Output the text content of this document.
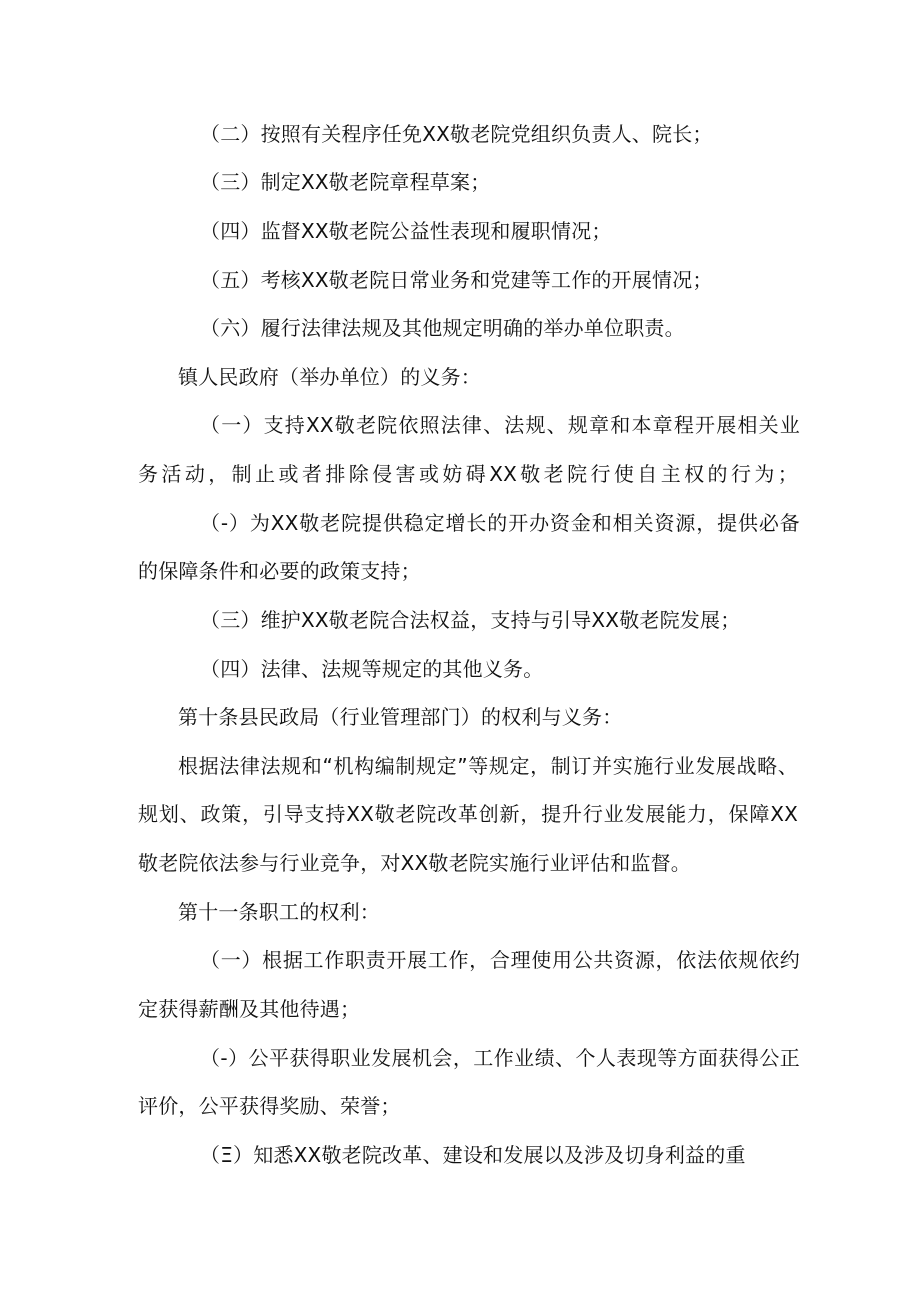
（二）按照有关程序任免XX敬老院党组织负责人、院长；
（三）制定XX敬老院章程草案；
（四）监督XX敬老院公益性表现和履职情况；
（五）考核XX敬老院日常业务和党建等工作的开展情况；
（六）履行法律法规及其他规定明确的举办单位职责。
镇人民政府（举办单位）的义务：
（一）支持XX敬老院依照法律、法规、规章和本章程开展相关业
务活动，制止或者排除侵害或妨碍XX敬老院行使自主权的行为；
（-）为XX敬老院提供稳定增长的开办资金和相关资源，提供必备
的保障条件和必要的政策支持；
（三）维护XX敬老院合法权益，支持与引导XX敬老院发展；
（四）法律、法规等规定的其他义务。
第十条县民政局（行业管理部门）的权利与义务：
根据法律法规和“机构编制规定”等规定，制订并实施行业发展战略、
规划、政策，引导支持XX敬老院改革创新，提升行业发展能力，保障XX
敬老院依法参与行业竞争，对XX敬老院实施行业评估和监督。
第十一条职工的权利：
（一）根据工作职责开展工作，合理使用公共资源，依法依规依约
定获得薪酬及其他待遇；
（-）公平获得职业发展机会，工作业绩、个人表现等方面获得公正
评价，公平获得奖励、荣誉；
（Ξ）知悉XX敬老院改革、建设和发展以及涉及切身利益的重
